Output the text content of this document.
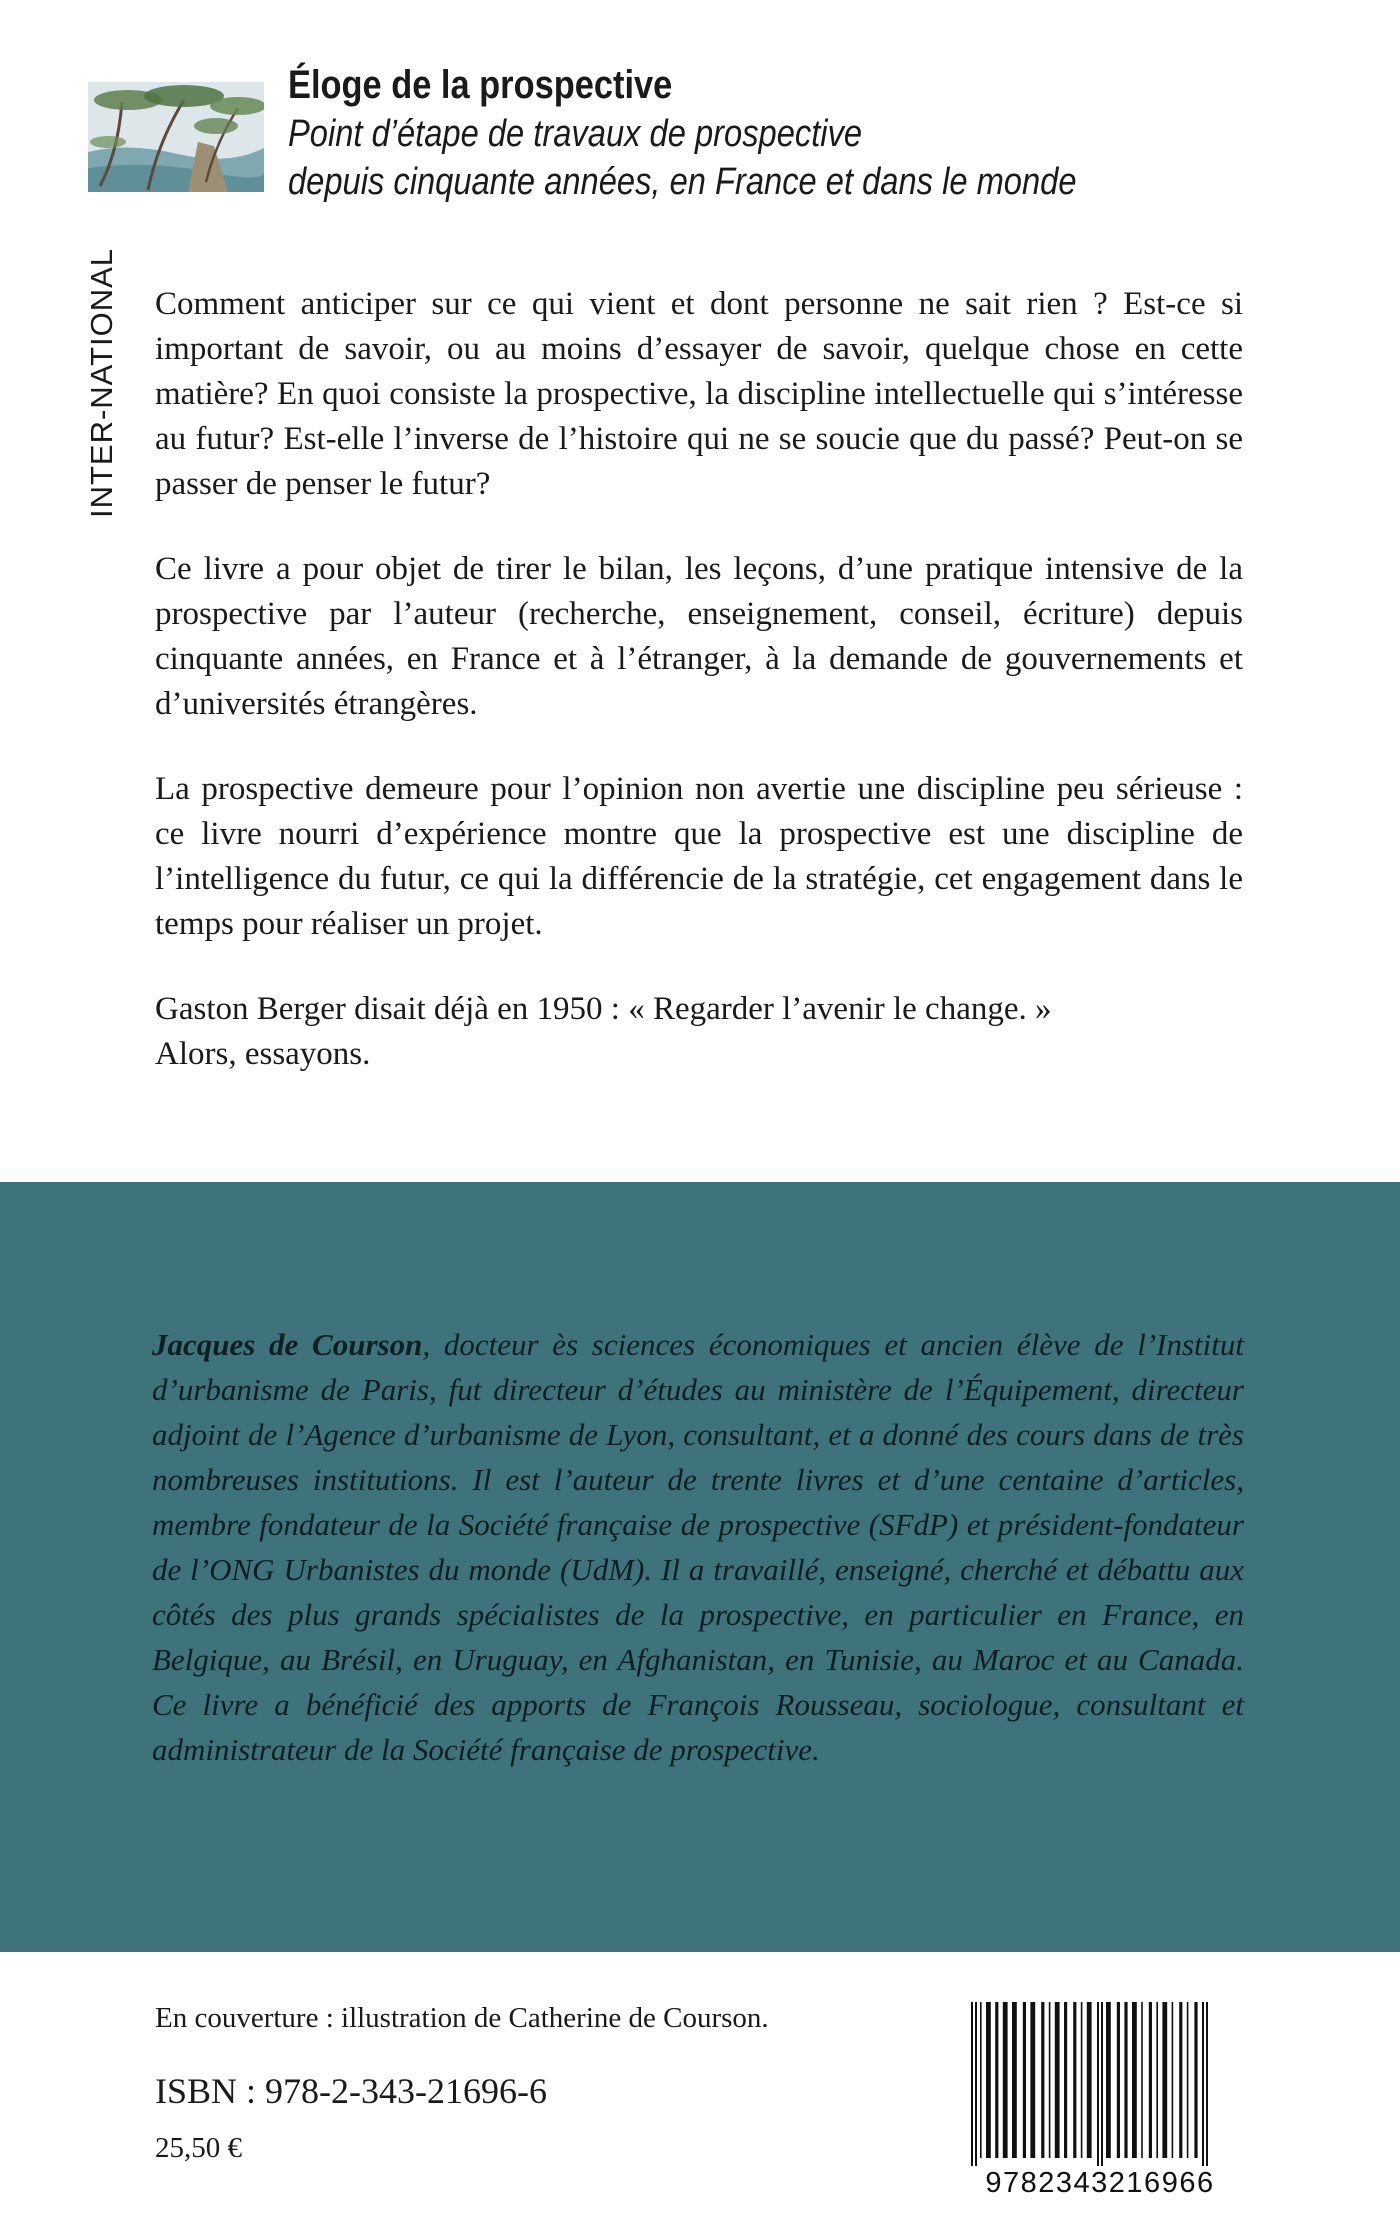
INTER-NATIONAL
Éloge de la prospective
Point d’étape de travaux de prospective
depuis cinquante années, en France et dans le monde

Comment anticiper sur ce qui vient et dont personne ne sait rien ? Est-ce si important de savoir, ou au moins d’essayer de savoir, quelque chose en cette matière? En quoi consiste la prospective, la discipline intellectuelle qui s’intéresse au futur? Est-elle l’inverse de l’histoire qui ne se soucie que du passé? Peut-on se passer de penser le futur?

Ce livre a pour objet de tirer le bilan, les leçons, d’une pratique intensive de la prospective par l’auteur (recherche, enseignement, conseil, écriture) depuis cinquante années, en France et à l’étranger, à la demande de gouvernements et d’universités étrangères.

La prospective demeure pour l’opinion non avertie une discipline peu sérieuse : ce livre nourri d’expérience montre que la prospective est une discipline de l’intelligence du futur, ce qui la différencie de la stratégie, cet engagement dans le temps pour réaliser un projet.

Gaston Berger disait déjà en 1950 : « Regarder l’avenir le change. »
Alors, essayons.

Jacques de Courson, docteur ès sciences économiques et ancien élève de l’Institut d’urbanisme de Paris, fut directeur d’études au ministère de l’Équipement, directeur adjoint de l’Agence d’urbanisme de Lyon, consultant, et a donné des cours dans de très nombreuses institutions. Il est l’auteur de trente livres et d’une centaine d’articles, membre fondateur de la Société française de prospective (SFdP) et président-fondateur de l’ONG Urbanistes du monde (UdM). Il a travaillé, enseigné, cherché et débattu aux côtés des plus grands spécialistes de la prospective, en particulier en France, en Belgique, au Brésil, en Uruguay, en Afghanistan, en Tunisie, au Maroc et au Canada. Ce livre a bénéficié des apports de François Rousseau, sociologue, consultant et administrateur de la Société française de prospective.

En couverture : illustration de Catherine de Courson.
ISBN : 978-2-343-21696-6
25,50 €
9782343216966
